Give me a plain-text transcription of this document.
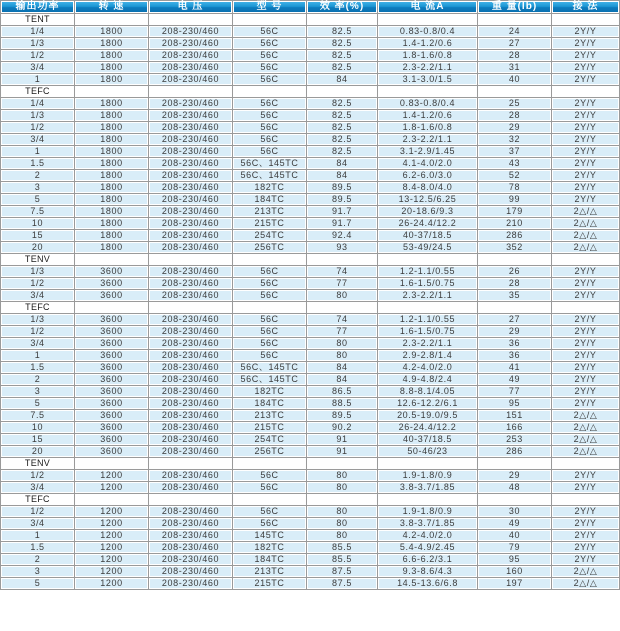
输出功率	转 速	电 压	型 号	效 率(%)	电 流A	重 量(lb)	接 法
TENT							
1/4	1800	208-230/460	56C	82.5	0.83-0.8/0.4	24	2Y/Y
1/3	1800	208-230/460	56C	82.5	1.4-1.2/0.6	27	2Y/Y
1/2	1800	208-230/460	56C	82.5	1.8-1.6/0.8	28	2Y/Y
3/4	1800	208-230/460	56C	82.5	2.3-2.2/1.1	31	2Y/Y
1	1800	208-230/460	56C	84	3.1-3.0/1.5	40	2Y/Y
TEFC							
1/4	1800	208-230/460	56C	82.5	0.83-0.8/0.4	25	2Y/Y
1/3	1800	208-230/460	56C	82.5	1.4-1.2/0.6	28	2Y/Y
1/2	1800	208-230/460	56C	82.5	1.8-1.6/0.8	29	2Y/Y
3/4	1800	208-230/460	56C	82.5	2.3-2.2/1.1	32	2Y/Y
1	1800	208-230/460	56C	82.5	3.1-2.9/1.45	37	2Y/Y
1.5	1800	208-230/460	56C、145TC	84	4.1-4.0/2.0	43	2Y/Y
2	1800	208-230/460	56C、145TC	84	6.2-6.0/3.0	52	2Y/Y
3	1800	208-230/460	182TC	89.5	8.4-8.0/4.0	78	2Y/Y
5	1800	208-230/460	184TC	89.5	13-12.5/6.25	99	2Y/Y
7.5	1800	208-230/460	213TC	91.7	20-18.6/9.3	179	2△/△
10	1800	208-230/460	215TC	91.7	26-24.4/12.2	210	2△/△
15	1800	208-230/460	254TC	92.4	40-37/18.5	286	2△/△
20	1800	208-230/460	256TC	93	53-49/24.5	352	2△/△
TENV							
1/3	3600	208-230/460	56C	74	1.2-1.1/0.55	26	2Y/Y
1/2	3600	208-230/460	56C	77	1.6-1.5/0.75	28	2Y/Y
3/4	3600	208-230/460	56C	80	2.3-2.2/1.1	35	2Y/Y
TEFC							
1/3	3600	208-230/460	56C	74	1.2-1.1/0.55	27	2Y/Y
1/2	3600	208-230/460	56C	77	1.6-1.5/0.75	29	2Y/Y
3/4	3600	208-230/460	56C	80	2.3-2.2/1.1	36	2Y/Y
1	3600	208-230/460	56C	80	2.9-2.8/1.4	36	2Y/Y
1.5	3600	208-230/460	56C、145TC	84	4.2-4.0/2.0	41	2Y/Y
2	3600	208-230/460	56C、145TC	84	4.9-4.8/2.4	49	2Y/Y
3	3600	208-230/460	182TC	86.5	8.8-8.1/4.05	77	2Y/Y
5	3600	208-230/460	184TC	88.5	12.6-12.2/6.1	95	2Y/Y
7.5	3600	208-230/460	213TC	89.5	20.5-19.0/9.5	151	2△/△
10	3600	208-230/460	215TC	90.2	26-24.4/12.2	166	2△/△
15	3600	208-230/460	254TC	91	40-37/18.5	253	2△/△
20	3600	208-230/460	256TC	91	50-46/23	286	2△/△
TENV							
1/2	1200	208-230/460	56C	80	1.9-1.8/0.9	29	2Y/Y
3/4	1200	208-230/460	56C	80	3.8-3.7/1.85	48	2Y/Y
TEFC							
1/2	1200	208-230/460	56C	80	1.9-1.8/0.9	30	2Y/Y
3/4	1200	208-230/460	56C	80	3.8-3.7/1.85	49	2Y/Y
1	1200	208-230/460	145TC	80	4.2-4.0/2.0	40	2Y/Y
1.5	1200	208-230/460	182TC	85.5	5.4-4.9/2.45	79	2Y/Y
2	1200	208-230/460	184TC	85.5	6.6-6.2/3.1	95	2Y/Y
3	1200	208-230/460	213TC	87.5	9.3-8.6/4.3	160	2△/△
5	1200	208-230/460	215TC	87.5	14.5-13.6/6.8	197	2△/△
